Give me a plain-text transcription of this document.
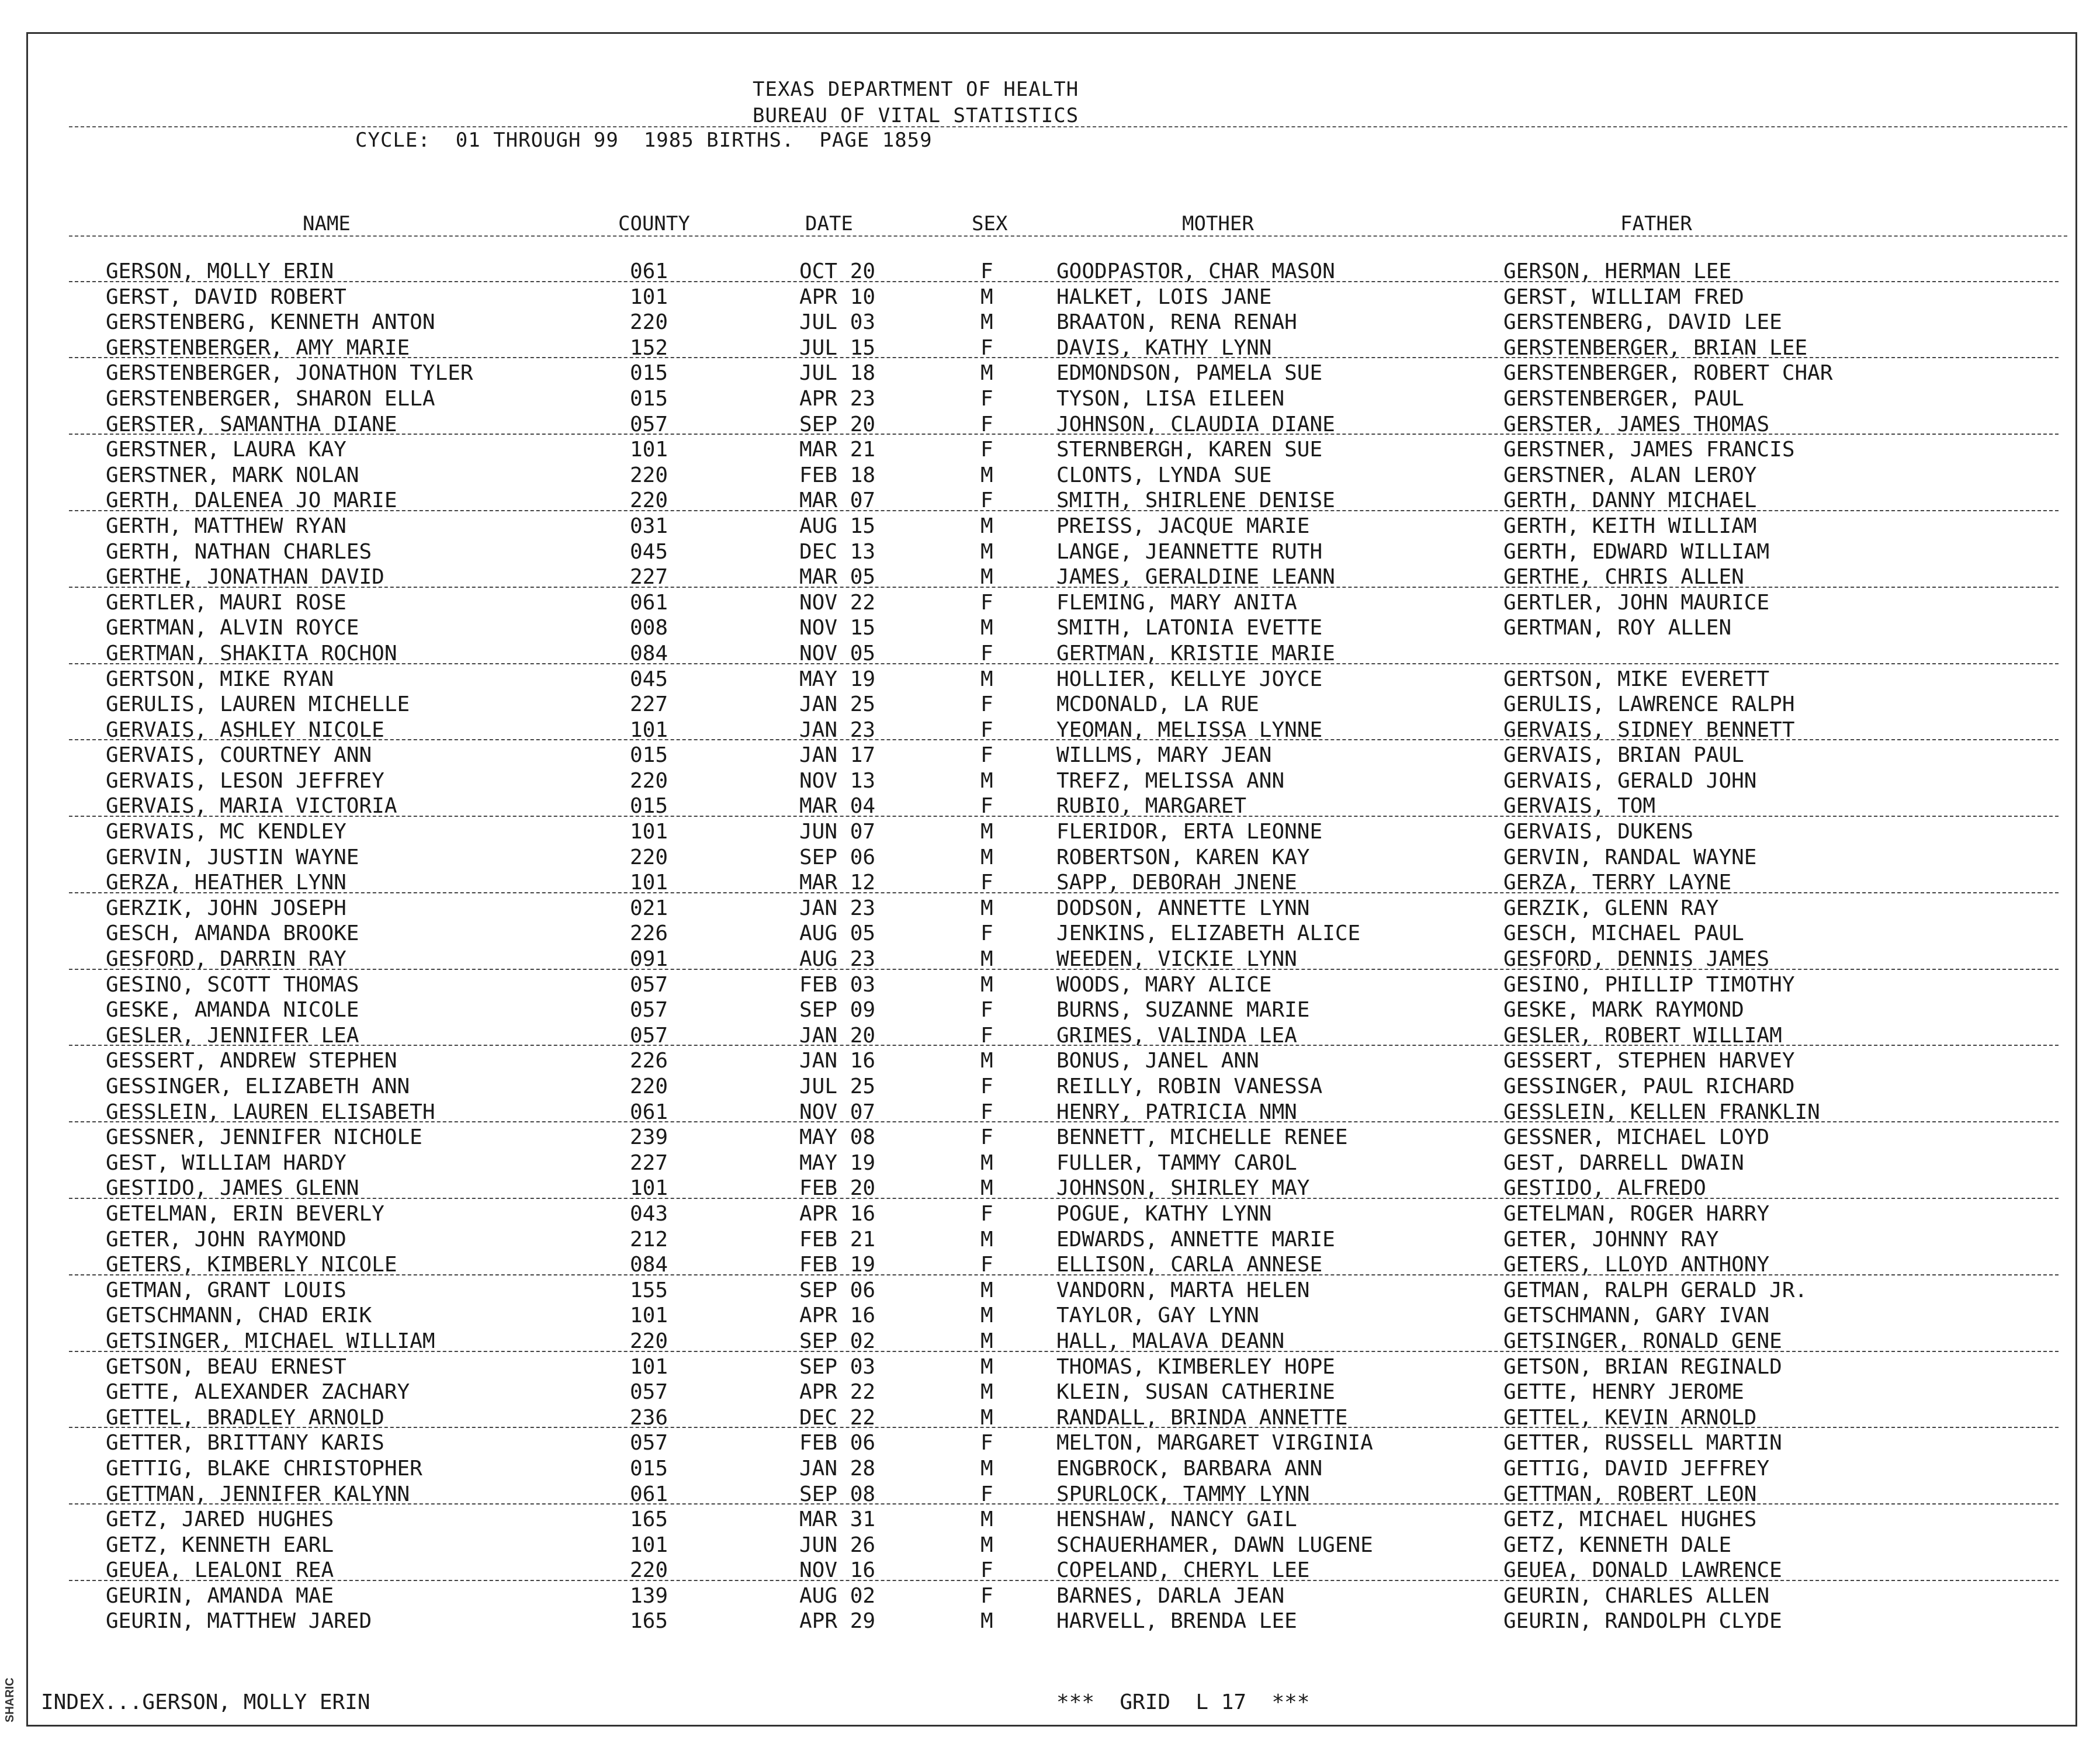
SHARIC
TEXAS DEPARTMENT OF HEALTH
BUREAU OF VITAL STATISTICS
CYCLE:  01 THROUGH 99  1985 BIRTHS.  PAGE 1859
NAME	COUNTY	DATE	SEX	MOTHER	FATHER
GERSON, MOLLY ERIN	061	OCT 20	F	GOODPASTOR, CHAR MASON	GERSON, HERMAN LEE
GERST, DAVID ROBERT	101	APR 10	M	HALKET, LOIS JANE	GERST, WILLIAM FRED
GERSTENBERG, KENNETH ANTON	220	JUL 03	M	BRAATON, RENA RENAH	GERSTENBERG, DAVID LEE
GERSTENBERGER, AMY MARIE	152	JUL 15	F	DAVIS, KATHY LYNN	GERSTENBERGER, BRIAN LEE
GERSTENBERGER, JONATHON TYLER	015	JUL 18	M	EDMONDSON, PAMELA SUE	GERSTENBERGER, ROBERT CHAR
GERSTENBERGER, SHARON ELLA	015	APR 23	F	TYSON, LISA EILEEN	GERSTENBERGER, PAUL
GERSTER, SAMANTHA DIANE	057	SEP 20	F	JOHNSON, CLAUDIA DIANE	GERSTER, JAMES THOMAS
GERSTNER, LAURA KAY	101	MAR 21	F	STERNBERGH, KAREN SUE	GERSTNER, JAMES FRANCIS
GERSTNER, MARK NOLAN	220	FEB 18	M	CLONTS, LYNDA SUE	GERSTNER, ALAN LEROY
GERTH, DALENEA JO MARIE	220	MAR 07	F	SMITH, SHIRLENE DENISE	GERTH, DANNY MICHAEL
GERTH, MATTHEW RYAN	031	AUG 15	M	PREISS, JACQUE MARIE	GERTH, KEITH WILLIAM
GERTH, NATHAN CHARLES	045	DEC 13	M	LANGE, JEANNETTE RUTH	GERTH, EDWARD WILLIAM
GERTHE, JONATHAN DAVID	227	MAR 05	M	JAMES, GERALDINE LEANN	GERTHE, CHRIS ALLEN
GERTLER, MAURI ROSE	061	NOV 22	F	FLEMING, MARY ANITA	GERTLER, JOHN MAURICE
GERTMAN, ALVIN ROYCE	008	NOV 15	M	SMITH, LATONIA EVETTE	GERTMAN, ROY ALLEN
GERTMAN, SHAKITA ROCHON	084	NOV 05	F	GERTMAN, KRISTIE MARIE
GERTSON, MIKE RYAN	045	MAY 19	M	HOLLIER, KELLYE JOYCE	GERTSON, MIKE EVERETT
GERULIS, LAUREN MICHELLE	227	JAN 25	F	MCDONALD, LA RUE	GERULIS, LAWRENCE RALPH
GERVAIS, ASHLEY NICOLE	101	JAN 23	F	YEOMAN, MELISSA LYNNE	GERVAIS, SIDNEY BENNETT
GERVAIS, COURTNEY ANN	015	JAN 17	F	WILLMS, MARY JEAN	GERVAIS, BRIAN PAUL
GERVAIS, LESON JEFFREY	220	NOV 13	M	TREFZ, MELISSA ANN	GERVAIS, GERALD JOHN
GERVAIS, MARIA VICTORIA	015	MAR 04	F	RUBIO, MARGARET	GERVAIS, TOM
GERVAIS, MC KENDLEY	101	JUN 07	M	FLERIDOR, ERTA LEONNE	GERVAIS, DUKENS
GERVIN, JUSTIN WAYNE	220	SEP 06	M	ROBERTSON, KAREN KAY	GERVIN, RANDAL WAYNE
GERZA, HEATHER LYNN	101	MAR 12	F	SAPP, DEBORAH JNENE	GERZA, TERRY LAYNE
GERZIK, JOHN JOSEPH	021	JAN 23	M	DODSON, ANNETTE LYNN	GERZIK, GLENN RAY
GESCH, AMANDA BROOKE	226	AUG 05	F	JENKINS, ELIZABETH ALICE	GESCH, MICHAEL PAUL
GESFORD, DARRIN RAY	091	AUG 23	M	WEEDEN, VICKIE LYNN	GESFORD, DENNIS JAMES
GESINO, SCOTT THOMAS	057	FEB 03	M	WOODS, MARY ALICE	GESINO, PHILLIP TIMOTHY
GESKE, AMANDA NICOLE	057	SEP 09	F	BURNS, SUZANNE MARIE	GESKE, MARK RAYMOND
GESLER, JENNIFER LEA	057	JAN 20	F	GRIMES, VALINDA LEA	GESLER, ROBERT WILLIAM
GESSERT, ANDREW STEPHEN	226	JAN 16	M	BONUS, JANEL ANN	GESSERT, STEPHEN HARVEY
GESSINGER, ELIZABETH ANN	220	JUL 25	F	REILLY, ROBIN VANESSA	GESSINGER, PAUL RICHARD
GESSLEIN, LAUREN ELISABETH	061	NOV 07	F	HENRY, PATRICIA NMN	GESSLEIN, KELLEN FRANKLIN
GESSNER, JENNIFER NICHOLE	239	MAY 08	F	BENNETT, MICHELLE RENEE	GESSNER, MICHAEL LOYD
GEST, WILLIAM HARDY	227	MAY 19	M	FULLER, TAMMY CAROL	GEST, DARRELL DWAIN
GESTIDO, JAMES GLENN	101	FEB 20	M	JOHNSON, SHIRLEY MAY	GESTIDO, ALFREDO
GETELMAN, ERIN BEVERLY	043	APR 16	F	POGUE, KATHY LYNN	GETELMAN, ROGER HARRY
GETER, JOHN RAYMOND	212	FEB 21	M	EDWARDS, ANNETTE MARIE	GETER, JOHNNY RAY
GETERS, KIMBERLY NICOLE	084	FEB 19	F	ELLISON, CARLA ANNESE	GETERS, LLOYD ANTHONY
GETMAN, GRANT LOUIS	155	SEP 06	M	VANDORN, MARTA HELEN	GETMAN, RALPH GERALD JR.
GETSCHMANN, CHAD ERIK	101	APR 16	M	TAYLOR, GAY LYNN	GETSCHMANN, GARY IVAN
GETSINGER, MICHAEL WILLIAM	220	SEP 02	M	HALL, MALAVA DEANN	GETSINGER, RONALD GENE
GETSON, BEAU ERNEST	101	SEP 03	M	THOMAS, KIMBERLEY HOPE	GETSON, BRIAN REGINALD
GETTE, ALEXANDER ZACHARY	057	APR 22	M	KLEIN, SUSAN CATHERINE	GETTE, HENRY JEROME
GETTEL, BRADLEY ARNOLD	236	DEC 22	M	RANDALL, BRINDA ANNETTE	GETTEL, KEVIN ARNOLD
GETTER, BRITTANY KARIS	057	FEB 06	F	MELTON, MARGARET VIRGINIA	GETTER, RUSSELL MARTIN
GETTIG, BLAKE CHRISTOPHER	015	JAN 28	M	ENGBROCK, BARBARA ANN	GETTIG, DAVID JEFFREY
GETTMAN, JENNIFER KALYNN	061	SEP 08	F	SPURLOCK, TAMMY LYNN	GETTMAN, ROBERT LEON
GETZ, JARED HUGHES	165	MAR 31	M	HENSHAW, NANCY GAIL	GETZ, MICHAEL HUGHES
GETZ, KENNETH EARL	101	JUN 26	M	SCHAUERHAMER, DAWN LUGENE	GETZ, KENNETH DALE
GEUEA, LEALONI REA	220	NOV 16	F	COPELAND, CHERYL LEE	GEUEA, DONALD LAWRENCE
GEURIN, AMANDA MAE	139	AUG 02	F	BARNES, DARLA JEAN	GEURIN, CHARLES ALLEN
GEURIN, MATTHEW JARED	165	APR 29	M	HARVELL, BRENDA LEE	GEURIN, RANDOLPH CLYDE
INDEX...GERSON, MOLLY ERIN	***  GRID  L 17  ***
